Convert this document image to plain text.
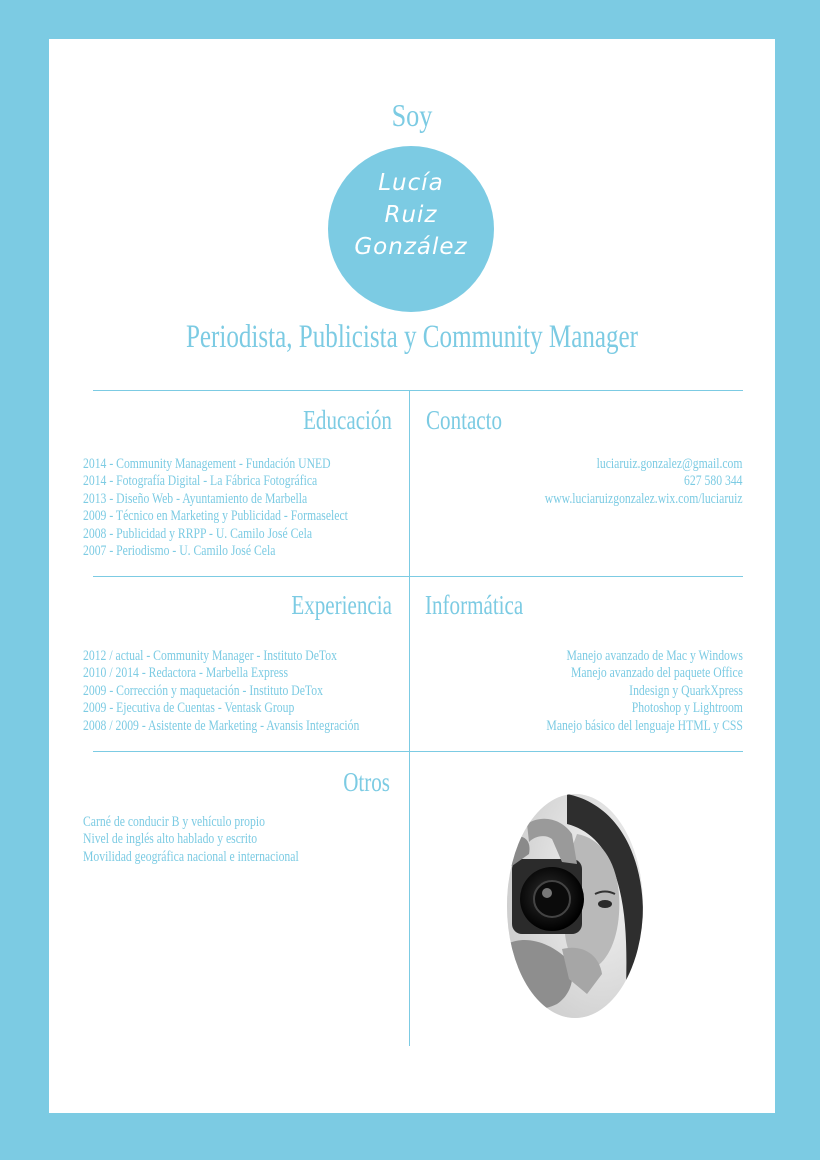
Soy
Lucía
Ruiz
González
Periodista, Publicista y Community Manager
Educación
2014 - Community Management - Fundación UNED
2014 - Fotografía Digital - La Fábrica Fotográfica
2013 - Diseño Web - Ayuntamiento de Marbella
2009 - Técnico en Marketing y Publicidad - Formaselect
2008 - Publicidad y RRPP - U. Camilo José Cela
2007 - Periodismo - U. Camilo José Cela
Contacto
luciaruiz.gonzalez@gmail.com
627 580 344
www.luciaruizgonzalez.wix.com/luciaruiz
Experiencia
2012 / actual - Community Manager - Instituto DeTox
2010 / 2014 - Redactora - Marbella Express
2009 - Corrección y maquetación - Instituto DeTox
2009 - Ejecutiva de Cuentas - Ventask Group
2008 / 2009 - Asistente de Marketing - Avansis Integración
Informática
Manejo avanzado de Mac y Windows
Manejo avanzado del paquete Office
Indesign y QuarkXpress
Photoshop y Lightroom
Manejo básico del lenguaje HTML y CSS
Otros
Carné de conducir B y vehículo propio
Nivel de inglés alto hablado y escrito
Movilidad geográfica nacional e internacional
